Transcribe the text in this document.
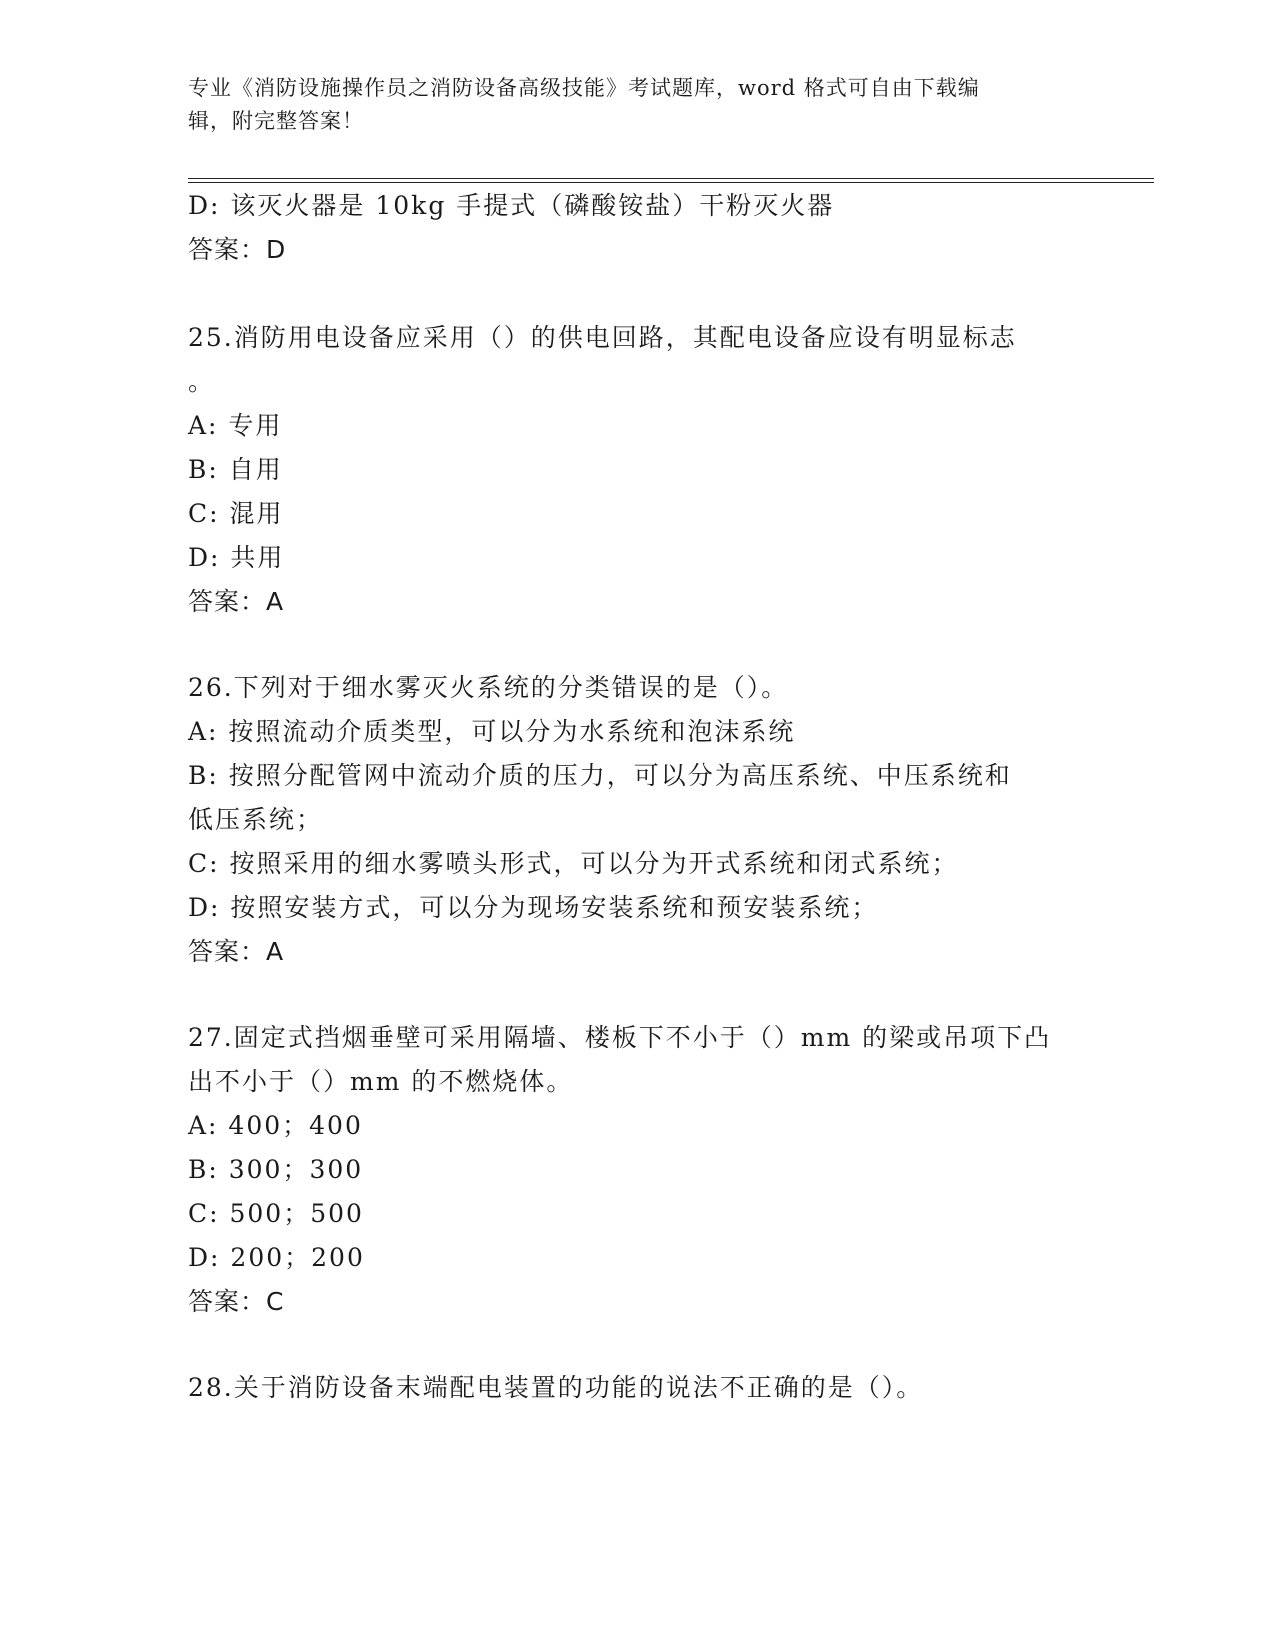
专业《消防设施操作员之消防设备高级技能》考试题库，word 格式可自由下载编
辑，附完整答案！
D: 该灭火器是 10kg 手提式（磷酸铵盐）干粉灭火器
答案：D
25.消防用电设备应采用（）的供电回路，其配电设备应设有明显标志
。
A: 专用
B: 自用
C: 混用
D: 共用
答案：A
26.下列对于细水雾灭火系统的分类错误的是（）。
A: 按照流动介质类型，可以分为水系统和泡沫系统
B: 按照分配管网中流动介质的压力，可以分为高压系统、中压系统和
低压系统；
C: 按照采用的细水雾喷头形式，可以分为开式系统和闭式系统；
D: 按照安装方式，可以分为现场安装系统和预安装系统；
答案：A
27.固定式挡烟垂壁可采用隔墙、楼板下不小于（）mm 的梁或吊项下凸
出不小于（）mm 的不燃烧体。
A: 400；400
B: 300；300
C: 500；500
D: 200；200
答案：C
28.关于消防设备末端配电装置的功能的说法不正确的是（）。
